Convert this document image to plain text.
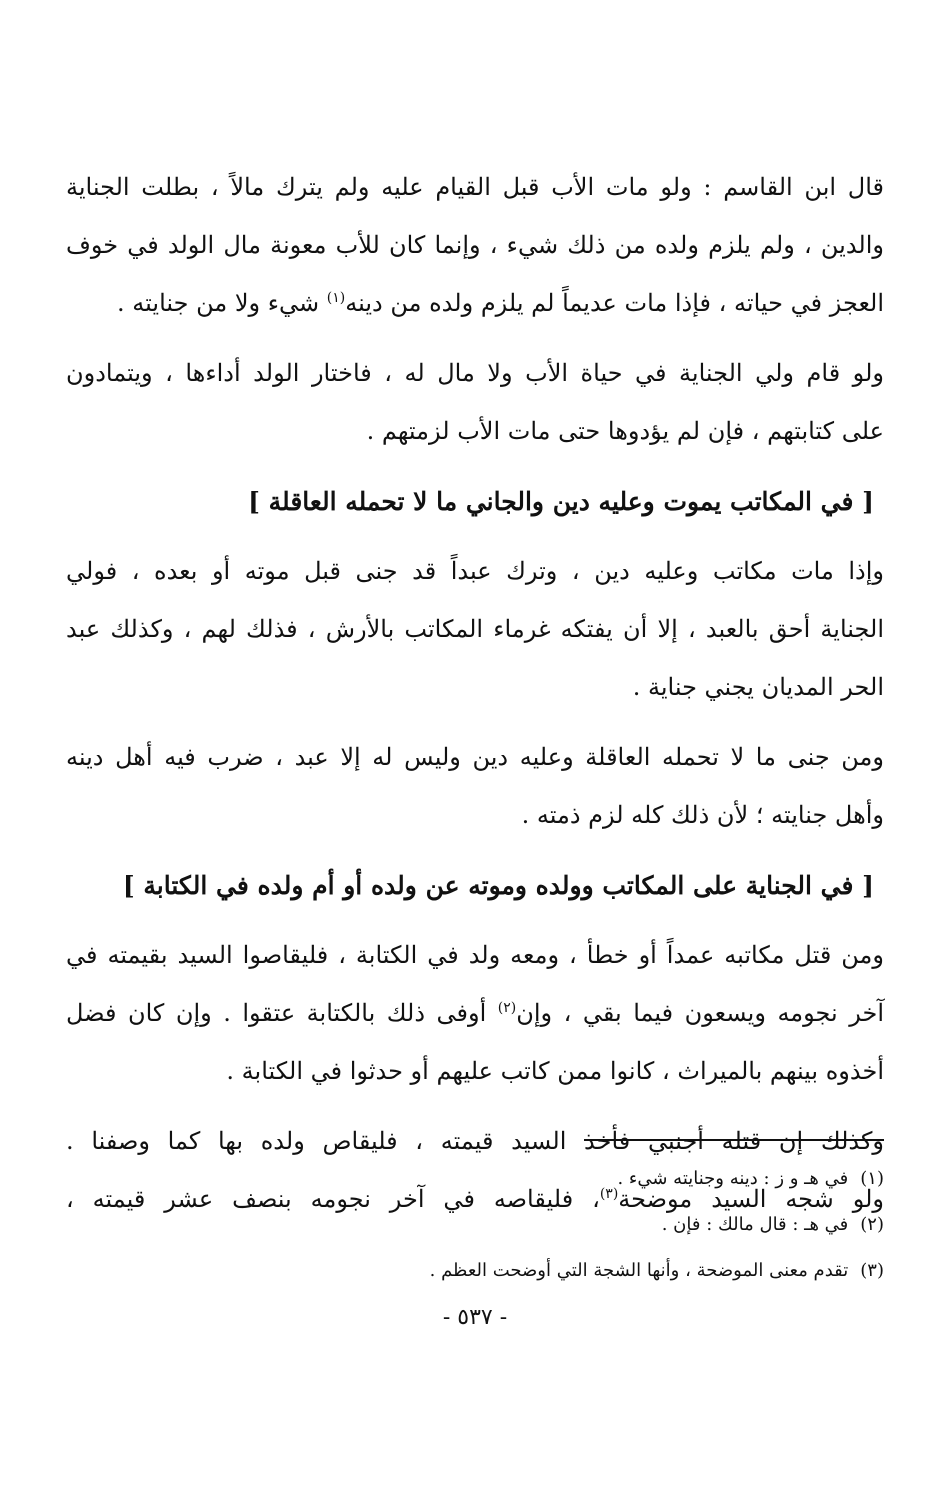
قال ابن القاسم : ولو مات الأب قبل القيام عليه ولم يترك مالاً ، بطلت الجناية
والدين ، ولم يلزم ولده من ذلك شيء ، وإنما كان للأب معونة مال الولد في خوف
العجز في حياته ، فإذا مات عديماً لم يلزم ولده من دينه$^{(١)}$ شيء ولا من جنايته .

ولو قام ولي الجناية في حياة الأب ولا مال له ، فاختار الولد أداءها ، ويتمادون
على كتابتهم ، فإن لم يؤدوها حتى مات الأب لزمتهم .

[ في المكاتب يموت وعليه دين والجاني ما لا تحمله العاقلة ]

وإذا مات مكاتب وعليه دين ، وترك عبداً قد جنى قبل موته أو بعده ، فولي
الجناية أحق بالعبد ، إلا أن يفتكه غرماء المكاتب بالأرش ، فذلك لهم ، وكذلك عبد
الحر المديان يجني جناية .

ومن جنى ما لا تحمله العاقلة وعليه دين وليس له إلا عبد ، ضرب فيه أهل دينه
وأهل جنايته ؛ لأن ذلك كله لزم ذمته .

[ في الجناية على المكاتب وولده وموته عن ولده أو أم ولده في الكتابة ]

ومن قتل مكاتبه عمداً أو خطأ ، ومعه ولد في الكتابة ، فليقاصوا السيد بقيمته في
آخر نجومه ويسعون فيما بقي ، وإن$^{(٢)}$ أوفى ذلك بالكتابة عتقوا . وإن كان فضل
أخذوه بينهم بالميراث ، كانوا ممن كاتب عليهم أو حدثوا في الكتابة .

وكذلك إن قتله أجنبي فأخذ السيد قيمته ، فليقاص ولده بها كما وصفنا .
ولو شجه السيد موضحة$^{(٣)}$، فليقاصه في آخر نجومه بنصف عشر قيمته ،

(١)
في هـ و ز : دينه وجنايته شيء .
(٢)
في هـ : قال مالك : فإن .
(٣)
تقدم معنى الموضحة ، وأنها الشجة التي أوضحت العظم .
- ٥٣٧ -
